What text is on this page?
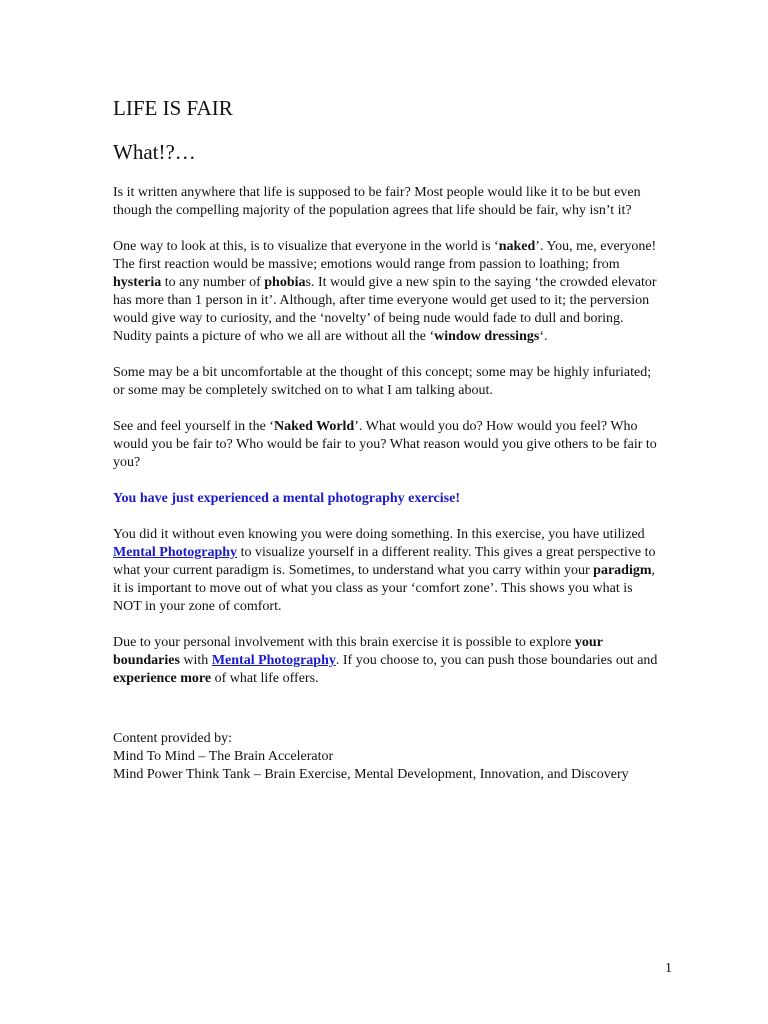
LIFE IS FAIR
What!?…

Is it written anywhere that life is supposed to be fair? Most people would like it to be but even though the compelling majority of the population agrees that life should be fair, why isn’t it?

One way to look at this, is to visualize that everyone in the world is ‘naked’. You, me, everyone! The first reaction would be massive; emotions would range from passion to loathing; from hysteria to any number of phobias. It would give a new spin to the saying ‘the crowded elevator has more than 1 person in it’. Although, after time everyone would get used to it; the perversion would give way to curiosity, and the ‘novelty’ of being nude would fade to dull and boring. Nudity paints a picture of who we all are without all the ‘window dressings‘.

Some may be a bit uncomfortable at the thought of this concept; some may be highly infuriated; or some may be completely switched on to what I am talking about.

See and feel yourself in the ‘Naked World’. What would you do? How would you feel? Who would you be fair to? Who would be fair to you? What reason would you give others to be fair to you?

You have just experienced a mental photography exercise!

You did it without even knowing you were doing something. In this exercise, you have utilized Mental Photography to visualize yourself in a different reality. This gives a great perspective to what your current paradigm is. Sometimes, to understand what you carry within your paradigm, it is important to move out of what you class as your ‘comfort zone’. This shows you what is NOT in your zone of comfort.

Due to your personal involvement with this brain exercise it is possible to explore your boundaries with Mental Photography. If you choose to, you can push those boundaries out and experience more of what life offers.

Content provided by:
Mind To Mind – The Brain Accelerator
Mind Power Think Tank – Brain Exercise, Mental Development, Innovation, and Discovery
1
